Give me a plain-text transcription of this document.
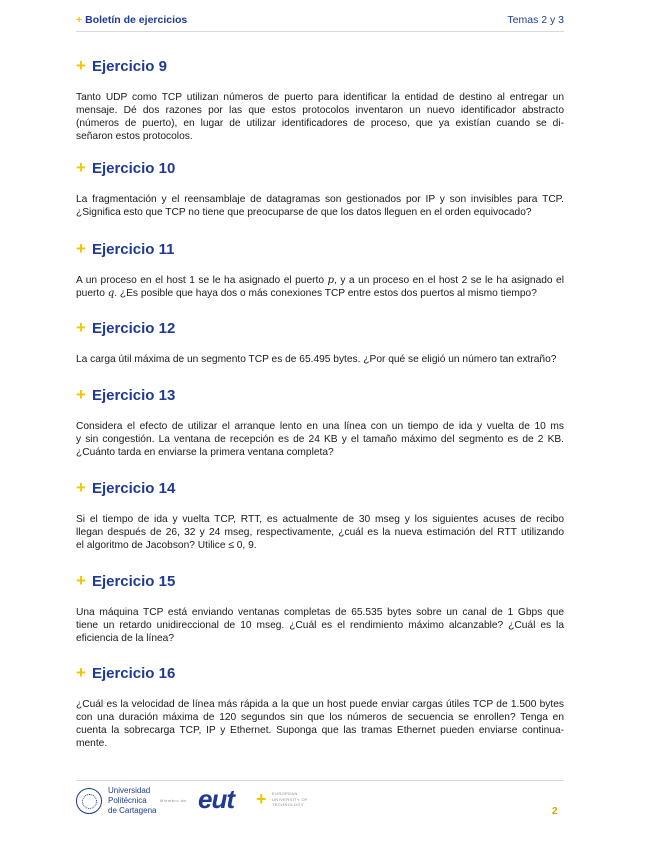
+ Boletín de ejercicios	Temas 2 y 3
+ Ejercicio 9
Tanto UDP como TCP utilizan números de puerto para identificar la entidad de destino al entregar un
mensaje. Dé dos razones por las que estos protocolos inventaron un nuevo identificador abstracto
(números de puerto), en lugar de utilizar identificadores de proceso, que ya existían cuando se di-
señaron estos protocolos.
+ Ejercicio 10
La fragmentación y el reensamblaje de datagramas son gestionados por IP y son invisibles para TCP.
¿Significa esto que TCP no tiene que preocuparse de que los datos lleguen en el orden equivocado?
+ Ejercicio 11
A un proceso en el host 1 se le ha asignado el puerto p, y a un proceso en el host 2 se le ha asignado el
puerto q. ¿Es posible que haya dos o más conexiones TCP entre estos dos puertos al mismo tiempo?
+ Ejercicio 12
La carga útil máxima de un segmento TCP es de 65.495 bytes. ¿Por qué se eligió un número tan extraño?
+ Ejercicio 13
Considera el efecto de utilizar el arranque lento en una línea con un tiempo de ida y vuelta de 10 ms
y sin congestión. La ventana de recepción es de 24 KB y el tamaño máximo del segmento es de 2 KB.
¿Cuánto tarda en enviarse la primera ventana completa?
+ Ejercicio 14
Si el tiempo de ida y vuelta TCP, RTT, es actualmente de 30 mseg y los siguientes acuses de recibo
llegan después de 26, 32 y 24 mseg, respectivamente, ¿cuál es la nueva estimación del RTT utilizando
el algoritmo de Jacobson? Utilice ≤ 0, 9.
+ Ejercicio 15
Una máquina TCP está enviando ventanas completas de 65.535 bytes sobre un canal de 1 Gbps que
tiene un retardo unidireccional de 10 mseg. ¿Cuál es el rendimiento máximo alcanzable? ¿Cuál es la
eficiencia de la línea?
+ Ejercicio 16
¿Cuál es la velocidad de línea más rápida a la que un host puede enviar cargas útiles TCP de 1.500 bytes
con una duración máxima de 120 segundos sin que los números de secuencia se enrollen? Tenga en
cuenta la sobrecarga TCP, IP y Ethernet. Suponga que las tramas Ethernet pueden enviarse continua-
mente.
Universidad
Politécnica
de Cartagena
Miembro de: eut + EUROPEAN
UNIVERSITY OF
TECHNOLOGY
2
